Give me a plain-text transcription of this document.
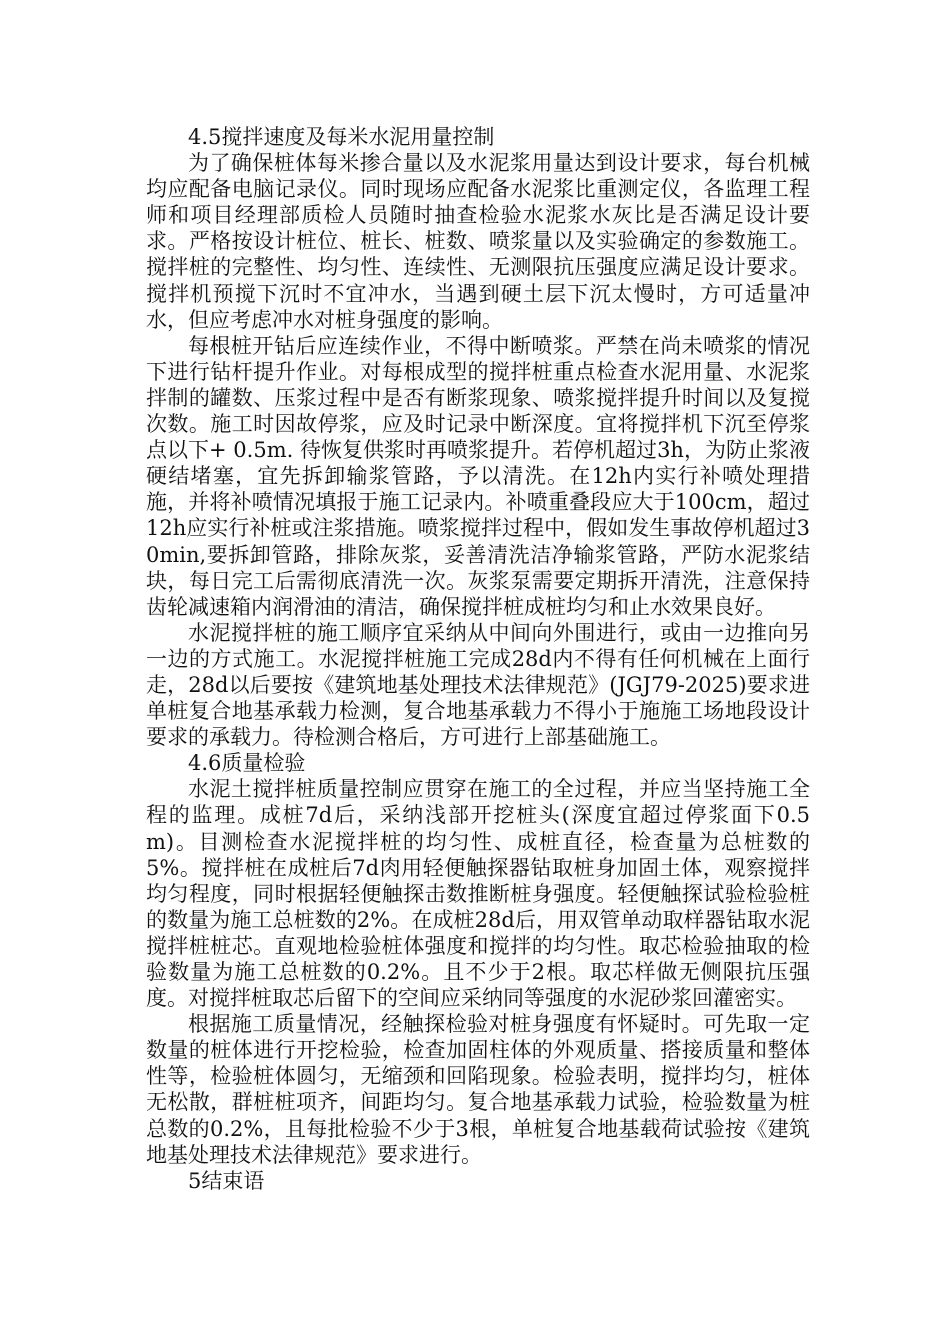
4.5搅拌速度及每米水泥用量控制

为了确保桩体每米掺合量以及水泥浆用量达到设计要求，每台机械均应配备电脑记录仪。同时现场应配备水泥浆比重测定仪，各监理工程师和项目经理部质检人员随时抽查检验水泥浆水灰比是否满足设计要求。严格按设计桩位、桩长、桩数、喷浆量以及实验确定的参数施工。搅拌桩的完整性、均匀性、连续性、无测限抗压强度应满足设计要求。搅拌机预搅下沉时不宜冲水，当遇到硬土层下沉太慢时，方可适量冲水，但应考虑冲水对桩身强度的影响。

每根桩开钻后应连续作业，不得中断喷浆。严禁在尚未喷浆的情况下进行钻杆提升作业。对每根成型的搅拌桩重点检查水泥用量、水泥浆拌制的罐数、压浆过程中是否有断浆现象、喷浆搅拌提升时间以及复搅次数。施工时因故停浆，应及时记录中断深度。宜将搅拌机下沉至停浆点以下+ 0.5m. 待恢复供浆时再喷浆提升。若停机超过3h，为防止浆液硬结堵塞，宜先拆卸输浆管路，予以清洗。在12h内实行补喷处理措施，并将补喷情况填报于施工记录内。补喷重叠段应大于100cm，超过12h应实行补桩或注浆措施。喷浆搅拌过程中，假如发生事故停机超过30min,要拆卸管路，排除灰浆，妥善清洗洁净输浆管路，严防水泥浆结块，每日完工后需彻底清洗一次。灰浆泵需要定期拆开清洗，注意保持齿轮减速箱内润滑油的清洁，确保搅拌桩成桩均匀和止水效果良好。

水泥搅拌桩的施工顺序宜采纳从中间向外围进行，或由一边推向另一边的方式施工。水泥搅拌桩施工完成28d内不得有任何机械在上面行走，28d以后要按《建筑地基处理技术法律规范》(JGJ79-2025)要求进单桩复合地基承载力检测，复合地基承载力不得小于施施工场地段设计要求的承载力。待检测合格后，方可进行上部基础施工。

4.6质量检验

水泥土搅拌桩质量控制应贯穿在施工的全过程，并应当坚持施工全程的监理。成桩7d后，采纳浅部开挖桩头(深度宜超过停浆面下0.5 m)。目测检查水泥搅拌桩的均匀性、成桩直径，检查量为总桩数的5%。搅拌桩在成桩后7d肉用轻便触探器钻取桩身加固土体，观察搅拌均匀程度，同时根据轻便触探击数推断桩身强度。轻便触探试验检验桩的数量为施工总桩数的2%。在成桩28d后，用双管单动取样器钻取水泥搅拌桩桩芯。直观地检验桩体强度和搅拌的均匀性。取芯检验抽取的检验数量为施工总桩数的0.2%。且不少于2根。取芯样做无侧限抗压强度。对搅拌桩取芯后留下的空间应采纳同等强度的水泥砂浆回灌密实。

根据施工质量情况，经触探检验对桩身强度有怀疑时。可先取一定数量的桩体进行开挖检验，检查加固柱体的外观质量、搭接质量和整体性等，检验桩体圆匀，无缩颈和回陷现象。检验表明，搅拌均匀，桩体无松散，群桩桩项齐，间距均匀。复合地基承载力试验，检验数量为桩总数的0.2%，且每批检验不少于3根，单桩复合地基载荷试验按《建筑地基处理技术法律规范》要求进行。

5结束语
